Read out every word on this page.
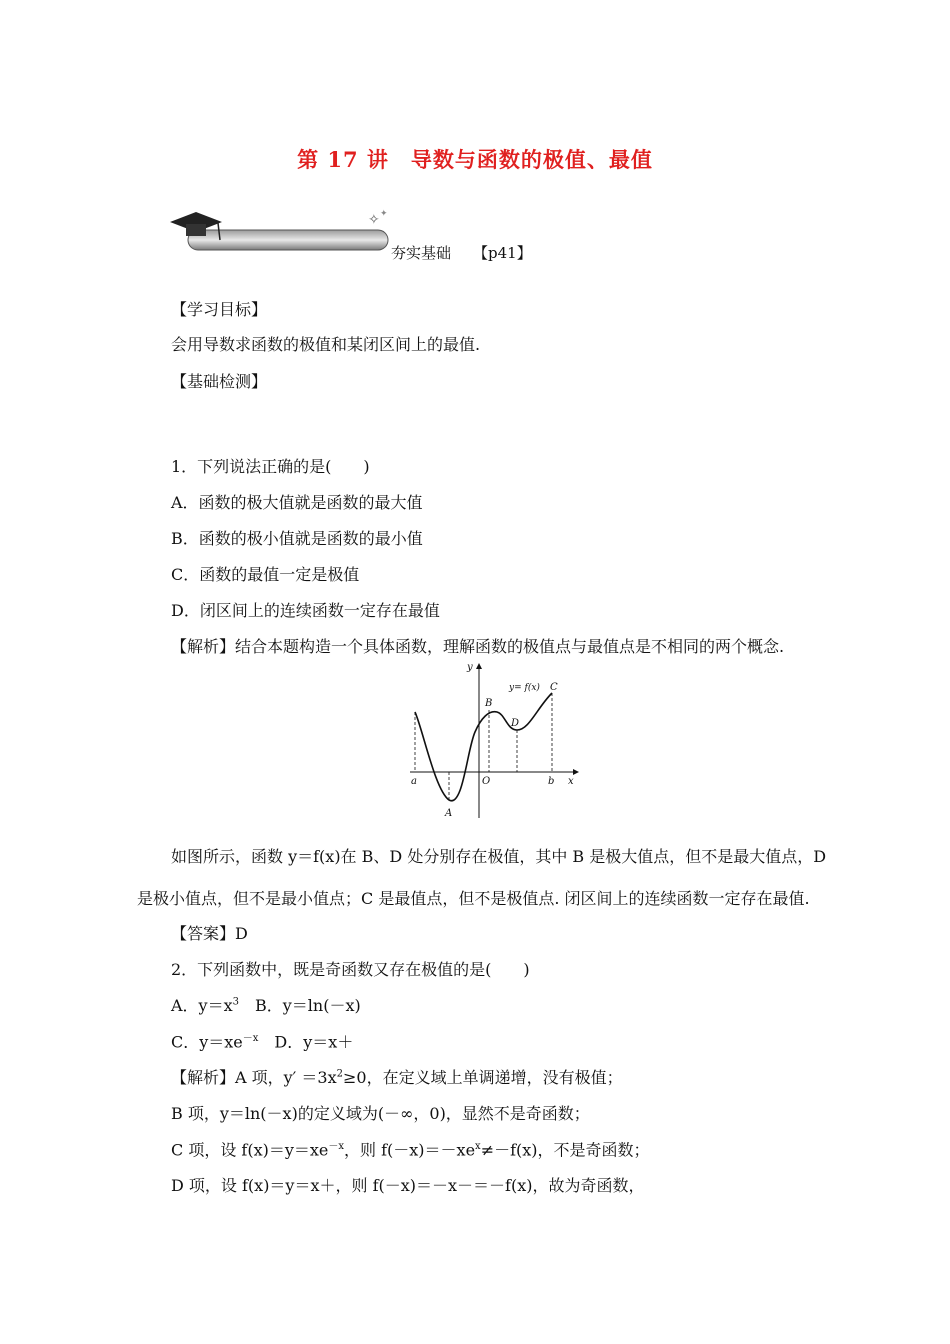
第 17 讲　导数与函数的极值、最值
✧ ✦
夯实基础 【p41】
【学习目标】
会用导数求函数的极值和某闭区间上的最值.
【基础检测】
1．下列说法正确的是(　　)
A．函数的极大值就是函数的最大值
B．函数的极小值就是函数的最小值
C．函数的最值一定是极值
D．闭区间上的连续函数一定存在最值
【解析】结合本题构造一个具体函数，理解函数的极值点与最值点是不相同的两个概念.
y
x
O
a	b
A
B
C
D
y= f(x)
如图所示，函数 y＝f(x)在 B、D 处分别存在极值，其中 B 是极大值点，但不是最大值点，D
是极小值点，但不是最小值点；C 是最值点，但不是极值点. 闭区间上的连续函数一定存在最值.
【答案】D
2．下列函数中，既是奇函数又存在极值的是(　　)
A．$y=x^3$　B．y＝ln(－x)
C．$y=xe^{-x}$　D．y＝x＋
【解析】A 项，$y' =3x^2\ge 0$，在定义域上单调递增，没有极值；
B 项，y＝ln(－x)的定义域为(－∞，0)，显然不是奇函数；
C 项，设 $f(x)=y=xe^{-x}$，则 $f(-x)=-xe^x\ne-f(x)$，不是奇函数；
D 项，设 f(x)＝y＝x＋，则 f(－x)＝－x－＝－f(x)，故为奇函数，
